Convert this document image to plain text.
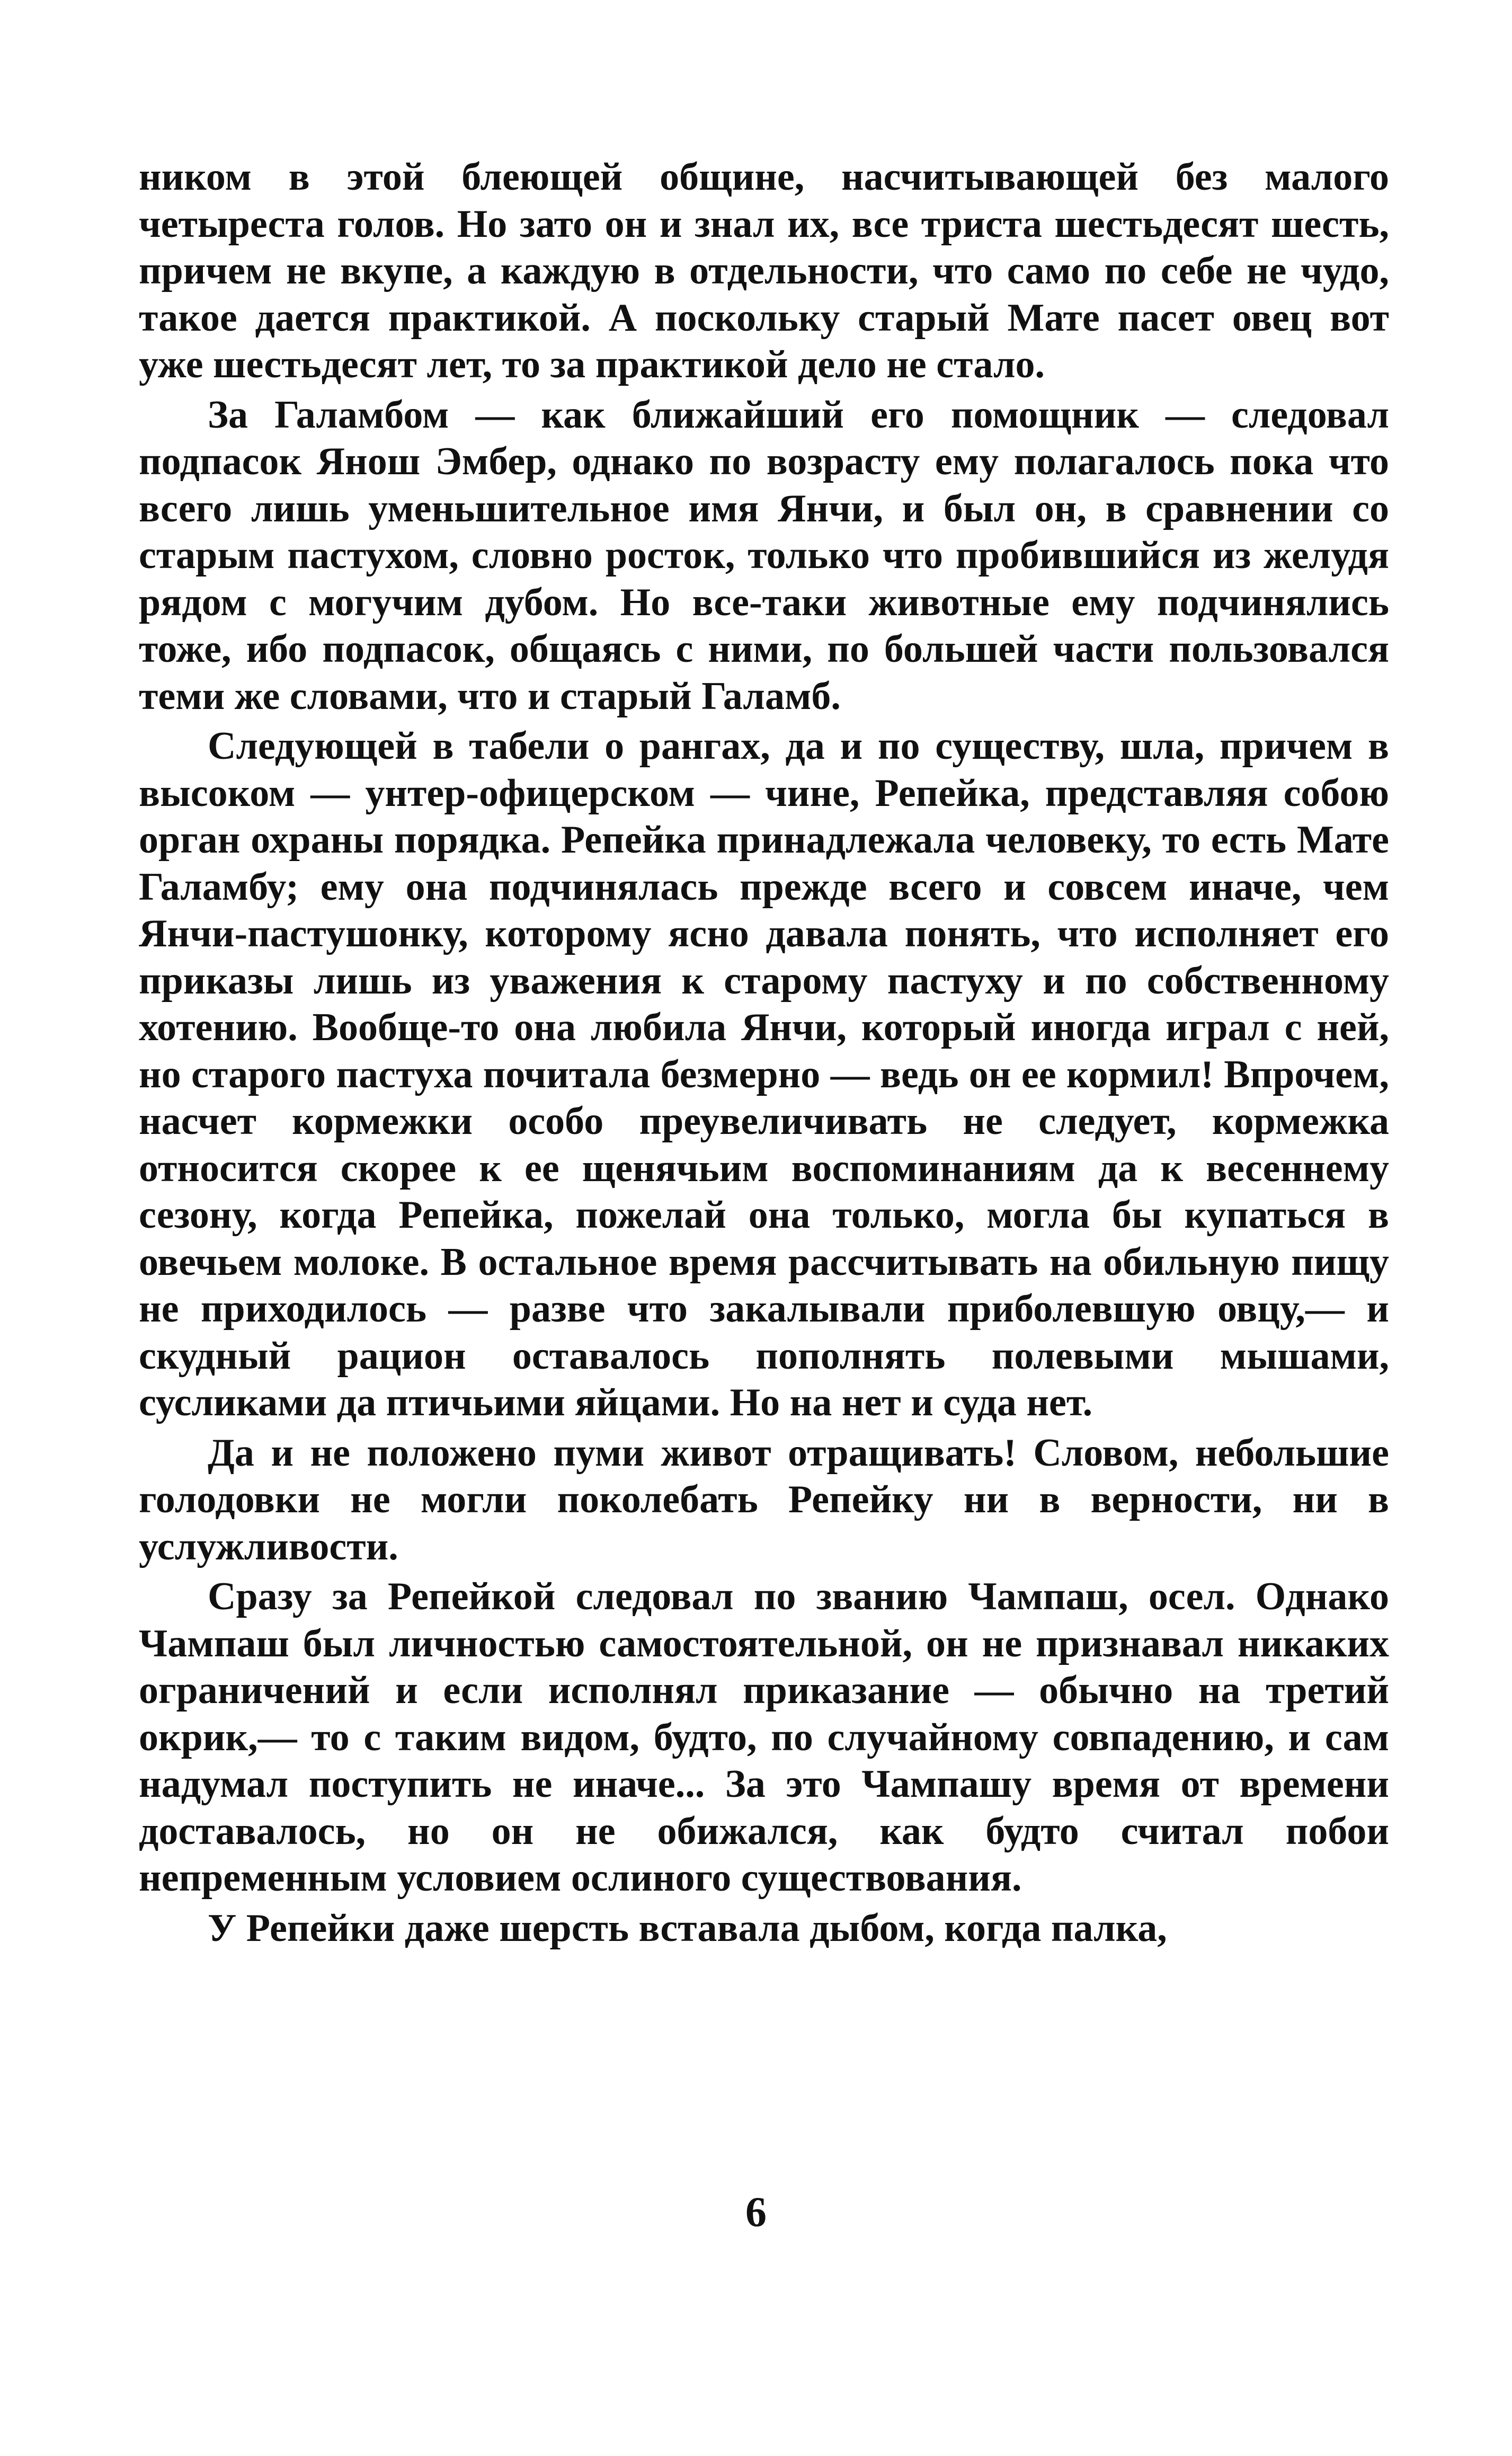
ником в этой блеющей общине, насчитывающей без малого четыреста голов. Но зато он и знал их, все триста шестьдесят шесть, причем не вкупе, а каждую в отдельности, что само по себе не чудо, такое дается практикой. А поскольку старый Мате пасет овец вот уже шестьдесят лет, то за практикой дело не стало.

За Галамбом — как ближайший его помощник — следовал подпасок Янош Эмбер, однако по возрасту ему полагалось пока что всего лишь уменьшительное имя Янчи, и был он, в сравнении со старым пастухом, словно росток, только что пробившийся из желудя рядом с могучим дубом. Но все-таки животные ему подчинялись тоже, ибо подпасок, общаясь с ними, по большей части пользовался теми же словами, что и старый Галамб.

Следующей в табели о рангах, да и по существу, шла, причем в высоком — унтер-офицерском — чине, Репейка, представляя собою орган охраны порядка. Репейка принадлежала человеку, то есть Мате Галамбу; ему она подчинялась прежде всего и совсем иначе, чем Янчи-пастушонку, которому ясно давала понять, что исполняет его приказы лишь из уважения к старому пастуху и по собственному хотению. Вообще-то она любила Янчи, который иногда играл с ней, но старого пастуха почитала безмерно — ведь он ее кормил! Впрочем, насчет кормежки особо преувеличивать не следует, кормежка относится скорее к ее щенячьим воспоминаниям да к весеннему сезону, когда Репейка, пожелай она только, могла бы купаться в овечьем молоке. В остальное время рассчитывать на обильную пищу не приходилось — разве что закалывали приболевшую овцу,— и скудный рацион оставалось пополнять полевыми мышами, сусликами да птичьими яйцами. Но на нет и суда нет.

Да и не положено пуми живот отращивать! Словом, небольшие голодовки не могли поколебать Репейку ни в верности, ни в услужливости.

Сразу за Репейкой следовал по званию Чампаш, осел. Однако Чампаш был личностью самостоятельной, он не признавал никаких ограничений и если исполнял приказание — обычно на третий окрик,— то с таким видом, будто, по случайному совпадению, и сам надумал поступить не иначе... За это Чампашу время от времени доставалось, но он не обижался, как будто считал побои непременным условием ослиного существования.

У Репейки даже шерсть вставала дыбом, когда палка,

6
